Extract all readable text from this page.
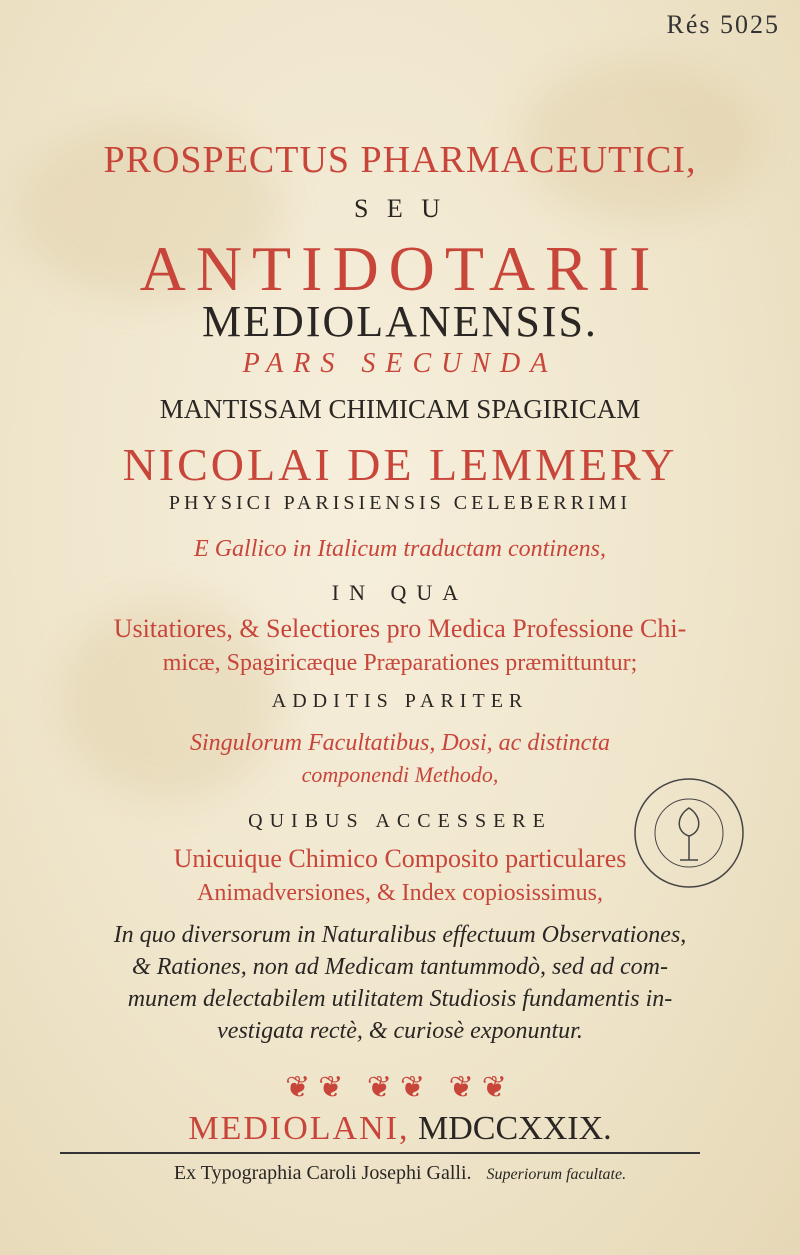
Rés 5025
PROSPECTUS PHARMACEUTICI,
S E U
ANTIDOTARII
MEDIOLANENSIS.
PARS SECUNDA
MANTISSAM CHIMICAM SPAGIRICAM
NICOLAI DE LEMMERY
PHYSICI PARISIENSIS CELEBERRIMI
E Gallico in Italicum traductam continens,
IN QUA
Usitatiores, & Selectiores pro Medica Professione Chi-
micæ, Spagiricæque Præparationes præmittuntur;
ADDITIS PARITER
Singulorum Facultatibus, Dosi, ac distincta
componendi Methodo,
QUIBUS ACCESSERE
Unicuique Chimico Composito particulares
Animadversiones, & Index copiosissimus,
In quo diversorum in Naturalibus effectuum Observationes,
& Rationes, non ad Medicam tantummodò, sed ad com-
munem delectabilem utilitatem Studiosis fundamentis in-
vestigata rectè, & curiosè exponuntur.
❦❦ ❦❦ ❦❦
MEDIOLANI, MDCCXXIX.
Ex Typographia Caroli Josephi Galli. Superiorum facultate.
